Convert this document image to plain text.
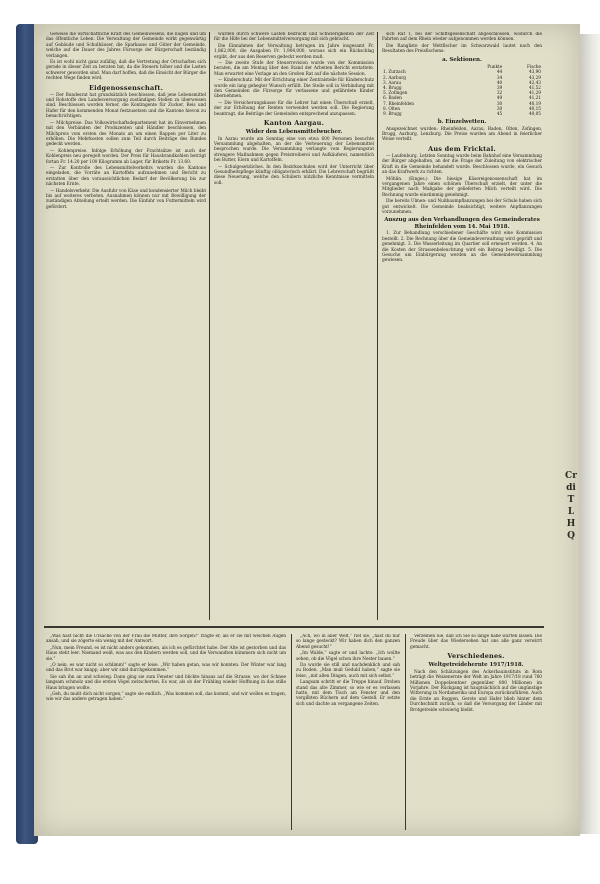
Geweise die wirtschaftliche Kraft des Gemeinwesens, die nugen und um das öffentliche Leben. Die Verwaltung der Gemeinde wirkt gegenwärtig auf Gebäude und Schulhäuser, die Sparkasse und Güter der Gemeinde, welche auf die Dauer des Jahres Fürsorge der Bürgerschaft beständig verlangen.

Es ist wohl nicht ganz zufällig, daß die Vertretung der Ortschaften sich gerade in dieser Zeit zu beraten hat, da die Steuern höher und die Lasten schwerer geworden sind. Man darf hoffen, daß die Einsicht der Bürger die rechten Wege finden wird.

Eidgenossenschaft.

— Der Bundesrat hat grundsätzlich beschlossen, daß jene Lebensmittel und Rohstoffe den Landesversorgung zuständigen Stellen zu überweisen sind. Beschlossen worden ferner, die Kontingente für Zucker, Reis und Hafer für den kommenden Monat festzusetzen und die Kantone hievon zu benachrichtigen.

— Milchpreise. Das Volkswirtschaftsdepartement hat im Einvernehmen mit den Verbänden der Produzenten und Händler beschlossen, den Milchpreis vom ersten des Monats an um einen Rappen per Liter zu erhöhen. Die Mehrkosten sollen zum Teil durch Beiträge des Bundes gedeckt werden.

— Kohlenpreise. Infolge Erhöhung der Frachtsätze ist auch der Kohlenpreis neu geregelt worden. Der Preis für Hausbrandkohlen beträgt fortan Fr. 14.20 per 100 Kilogramm ab Lager, für Briketts Fr. 13.60.

— Zur Kontrolle des Lebensmittelverkehrs wurden die Kantone eingeladen, die Vorräte an Kartoffeln aufzunehmen und Bericht zu erstatten über den voraussichtlichen Bedarf der Bevölkerung bis zur nächsten Ernte.

— Handelsverkehr. Die Ausfuhr von Käse und kondensierter Milch bleibt bis auf weiteres verboten. Ausnahmen können nur mit Bewilligung der zuständigen Abteilung erteilt werden. Die Einfuhr von Futtermitteln wird gefördert.

wurden durch schwere Lasten bedrückt und Schwierigkeiten der Zeit für die Hilfe bei der Lebensmittelversorgung mit sich gebracht.

Die Einnahmen der Verwaltung betrugen im Jahre insgesamt Fr. 1,862,000, die Ausgaben Fr. 1,904,000, woraus sich ein Rückschlag ergibt, der aus den Reserven gedeckt werden muß.

— Die zweite Stufe der Steuerrevision wurde von der Kommission beraten, die am Montag über den Stand der Arbeiten Bericht erstattete. Man erwartet eine Vorlage an den Großen Rat auf die nächste Session.

— Kinderschutz. Mit der Errichtung einer Zentralstelle für Kinderschutz wurde ein lang gehegter Wunsch erfüllt. Die Stelle soll in Verbindung mit den Gemeinden die Fürsorge für verlassene und gefährdete Kinder übernehmen.

— Die Versicherungskasse für die Lehrer hat einen Überschuß erzielt, der zur Erhöhung der Renten verwendet werden soll. Die Regierung beantragt, die Beiträge der Gemeinden entsprechend anzupassen.

Kanton Aargau.
Wider den Lebensmittelwucher.

In Aarau wurde am Sonntag eine von etwa 600 Personen besuchte Versammlung abgehalten, an der die Verteuerung der Lebensmittel besprochen wurde. Die Versammlung verlangte vom Regierungsrat strengere Maßnahmen gegen Preistreiberei und Aufkäuferei, namentlich bei Butter, Eiern und Kartoffeln.

— Schulgesetzliches. In den Bezirksschulen wird der Unterricht über Gesundheitspflege künftig obligatorisch erklärt. Die Lehrerschaft begrüßt diese Neuerung, welche den Schülern nützliche Kenntnisse vermitteln soll.

sich Rat 1, bei der Schiffsgesellschaft abgeschlossen, wodurch die Fahrten auf dem Rhein wieder aufgenommen werden können.

Die Rangliste der Wettfischer im Schwarzwald lautet nach den Resultaten des Preisfischens:

a. Sektionen.
	Punkte	Fische
1. Zurzach	44	43,90
2. Aarburg	34	43,29
3. Aarau	40	42,43
4. Brugg	39	41,52
5. Zofingen	32	41,29
6. Baden	49	41,21
7. Rheinfelden	30	40,19
8. Olten	30	40,15
9. Brugg	45	40,05
b. Einzelwetten.

Ansgezeichnet wurden: Rheinfelden, Aarau, Baden, Olten, Zofingen, Brugg, Aarburg, Lenzburg. Die Preise wurden am Abend in feierlicher Weise verteilt.

Aus dem Fricktal.

— Laufenburg. Letzten Sonntag wurde beim Bahnhof eine Versammlung der Bürger abgehalten, an der die Frage der Zuleitung von elektrischer Kraft in die Gemeinde behandelt wurde. Beschlossen wurde, ein Gesuch an das Kraftwerk zu richten.

Möhlin. (Einges.) Die hiesige Käsereigenossenschaft hat im vergangenen Jahre einen schönen Überschuß erzielt, der unter die Mitglieder nach Maßgabe der gelieferten Milch verteilt wird. Die Rechnung wurde einstimmig genehmigt.

Die bereits Ulmen- und Nußbaumpflanzungen bei der Schule haben sich gut entwickelt. Die Gemeinde beabsichtigt, weitere Anpflanzungen vorzunehmen.

Auszug aus den Verhandlungen des Gemeinderates Rheinfelden vom 14. Mai 1918.

1. Zur Behandlung verschiedener Geschäfte wird eine Kommission bestellt. 2. Die Rechnung über die Gemeindeverwaltung wird geprüft und genehmigt. 3. Die Wasserleitung im Quartier soll erneuert werden. 4. An die Kosten der Strassenbeleuchtung wird ein Beitrag bewilligt. 5. Die Gesuche um Einbürgerung werden an die Gemeindeversammlung gewiesen.

„Was hast nicht die Ursache von der Frau die Mutter, ihre Sorgen?“ fragte er, als er sie mit weichen Augen ansah, und sie zögerte ein wenig mit der Antwort.

„Nun, mein Freund, es ist nicht anders gekommen, als ich es gefürchtet habe. Der Alte ist gestorben und das Haus steht leer. Niemand weiß, was aus den Kindern werden soll, und die Verwandten kümmern sich nicht um sie.“

„O nein, es war nicht so schlimm!“ sagte er leise. „Wir haben getan, was wir konnten. Der Winter war lang und das Brot war knapp, aber wir sind durchgekommen.“

Sie sah ihn an und schwieg. Dann ging sie zum Fenster und blickte hinaus auf die Strasse, wo der Schnee langsam schmolz und die ersten Vögel zwitscherten. Es war, als ob der Frühling wieder Hoffnung in das stille Haus bringen wollte.

„Geh, du mußt dich nicht sorgen,“ sagte sie endlich. „Was kommen soll, das kommt, und wir wollen es tragen, wie wir das andere getragen haben.“

„Ach, wo in aller Welt,“ rief sie, „hast du nur so lange gesteckt? Wir haben dich den ganzen Abend gesucht!“

„Im Walde,“ sagte er und lachte. „Ich wollte sehen, ob die Vögel schon ihre Nester bauen.“

Da wurde sie still und nachdenklich und sah zu Boden. „Man muß Geduld haben,“ sagte sie leise, „mit allen Dingen, auch mit sich selbst.“

Langsam schritt er die Treppe hinauf. Droben stand das alte Zimmer, so wie er es verlassen hatte, mit dem Tisch am Fenster und den vergilbten Büchern auf dem Gestell. Er setzte sich und dachte an vergangene Zeiten.

Verzeihen Sie, daß ich Sie so lange habe warten lassen. Die Freude über das Wiedersehen hat uns alle ganz verwirrt gemacht.

Verschiedenes.
Weltgetreidehernte 1917/1918.

Nach den Schätzungen des Ackerbauinstituts in Rom beträgt die Weizenernte der Welt im Jahre 1917/18 rund 760 Millionen Doppelzentner gegenüber 800 Millionen im Vorjahre. Der Rückgang ist hauptsächlich auf die ungünstige Witterung in Nordamerika und Europa zurückzuführen. Auch die Ernte an Roggen, Gerste und Hafer blieb hinter dem Durchschnitt zurück, so daß die Versorgung der Länder mit Brotgetreide schwierig bleibt.

Cr
di
T
L
H
Q
